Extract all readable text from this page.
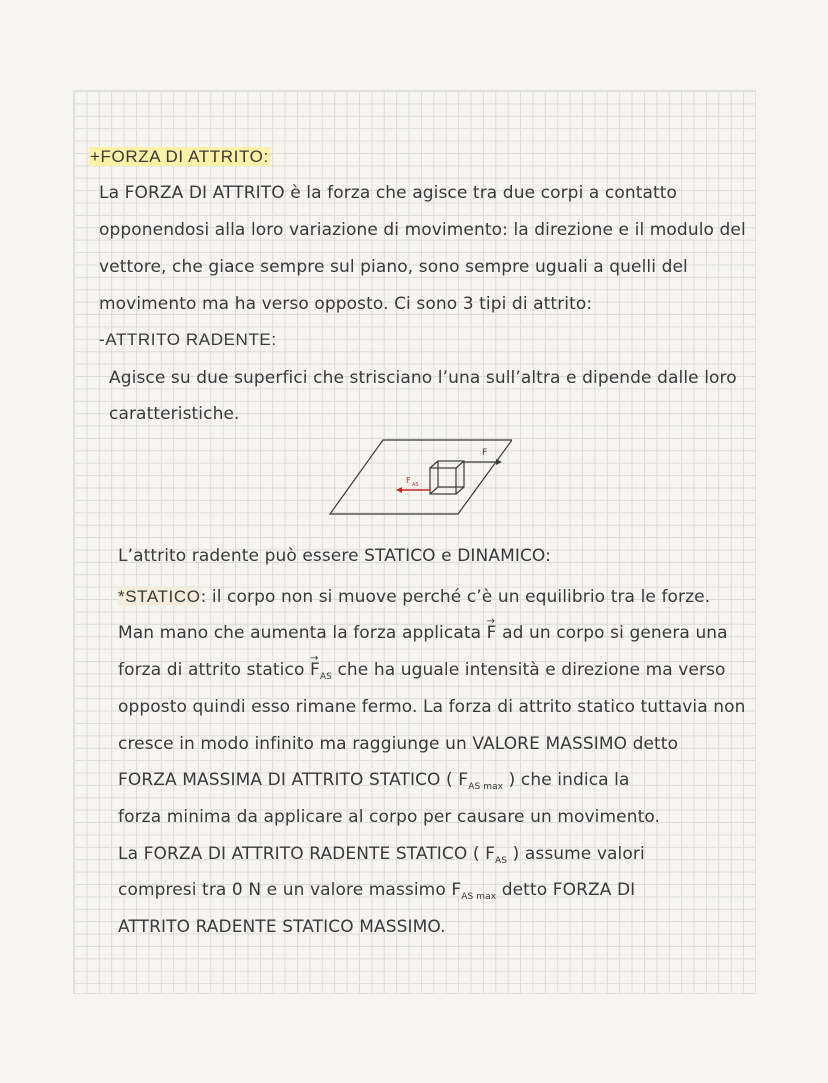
+FORZA DI ATTRITO:
La FORZA DI ATTRITO è la forza che agisce tra due corpi a contatto
opponendosi alla loro variazione di movimento: la direzione e il modulo del
vettore, che giace sempre sul piano, sono sempre uguali a quelli del
movimento ma ha verso opposto. Ci sono 3 tipi di attrito:
-ATTRITO RADENTE:
Agisce su due superfici che strisciano l’una sull’altra e dipende dalle loro
caratteristiche.
F
F AS
L’attrito radente può essere STATICO e DINAMICO:
*STATICO: il corpo non si muove perché c’è un equilibrio tra le forze.
Man mano che aumenta la forza applicata → F ad un corpo si genera una
forza di attrito statico → $F_{AS}$ che ha uguale intensità e direzione ma verso
opposto quindi esso rimane fermo. La forza di attrito statico tuttavia non
cresce in modo infinito ma raggiunge un VALORE MASSIMO detto
FORZA MASSIMA DI ATTRITO STATICO ( $F_{AS max}$ ) che indica la
forza minima da applicare al corpo per causare un movimento.
La FORZA DI ATTRITO RADENTE STATICO ( $F_{AS}$ ) assume valori
compresi tra 0 N e un valore massimo $F_{AS max}$ detto FORZA DI
ATTRITO RADENTE STATICO MASSIMO.
